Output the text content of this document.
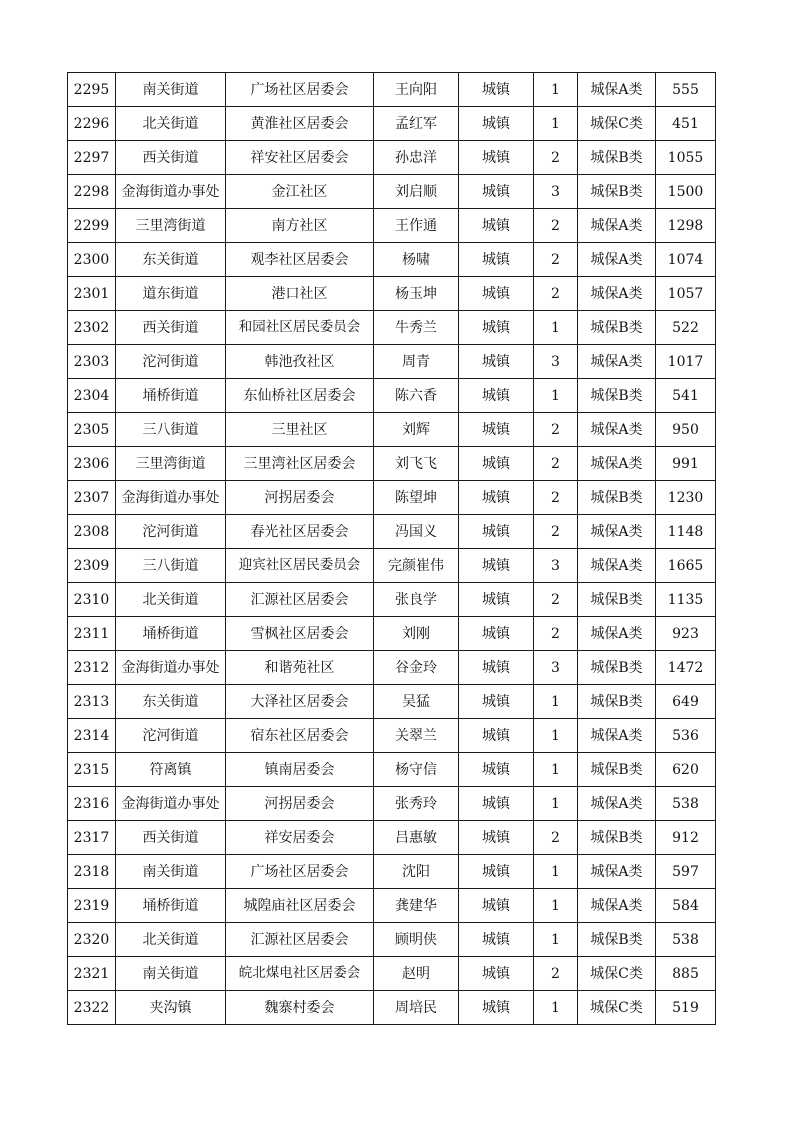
2295	南关街道	广场社区居委会	王向阳	城镇	1	城保A类	555
2296	北关街道	黄淮社区居委会	孟红军	城镇	1	城保C类	451
2297	西关街道	祥安社区居委会	孙忠洋	城镇	2	城保B类	1055
2298	金海街道办事处	金江社区	刘启顺	城镇	3	城保B类	1500
2299	三里湾街道	南方社区	王作通	城镇	2	城保A类	1298
2300	东关街道	观李社区居委会	杨啸	城镇	2	城保A类	1074
2301	道东街道	港口社区	杨玉坤	城镇	2	城保A类	1057
2302	西关街道	和园社区居民委员会	牛秀兰	城镇	1	城保B类	522
2303	沱河街道	韩池孜社区	周青	城镇	3	城保A类	1017
2304	埇桥街道	东仙桥社区居委会	陈六香	城镇	1	城保B类	541
2305	三八街道	三里社区	刘辉	城镇	2	城保A类	950
2306	三里湾街道	三里湾社区居委会	刘飞飞	城镇	2	城保A类	991
2307	金海街道办事处	河拐居委会	陈望坤	城镇	2	城保B类	1230
2308	沱河街道	春光社区居委会	冯国义	城镇	2	城保A类	1148
2309	三八街道	迎宾社区居民委员会	完颜崔伟	城镇	3	城保A类	1665
2310	北关街道	汇源社区居委会	张良学	城镇	2	城保B类	1135
2311	埇桥街道	雪枫社区居委会	刘刚	城镇	2	城保A类	923
2312	金海街道办事处	和谐苑社区	谷金玲	城镇	3	城保B类	1472
2313	东关街道	大泽社区居委会	吴猛	城镇	1	城保B类	649
2314	沱河街道	宿东社区居委会	关翠兰	城镇	1	城保A类	536
2315	符离镇	镇南居委会	杨守信	城镇	1	城保B类	620
2316	金海街道办事处	河拐居委会	张秀玲	城镇	1	城保A类	538
2317	西关街道	祥安居委会	吕惠敏	城镇	2	城保B类	912
2318	南关街道	广场社区居委会	沈阳	城镇	1	城保A类	597
2319	埇桥街道	城隍庙社区居委会	龚建华	城镇	1	城保A类	584
2320	北关街道	汇源社区居委会	顾明侠	城镇	1	城保B类	538
2321	南关街道	皖北煤电社区居委会	赵明	城镇	2	城保C类	885
2322	夹沟镇	魏寨村委会	周培民	城镇	1	城保C类	519
